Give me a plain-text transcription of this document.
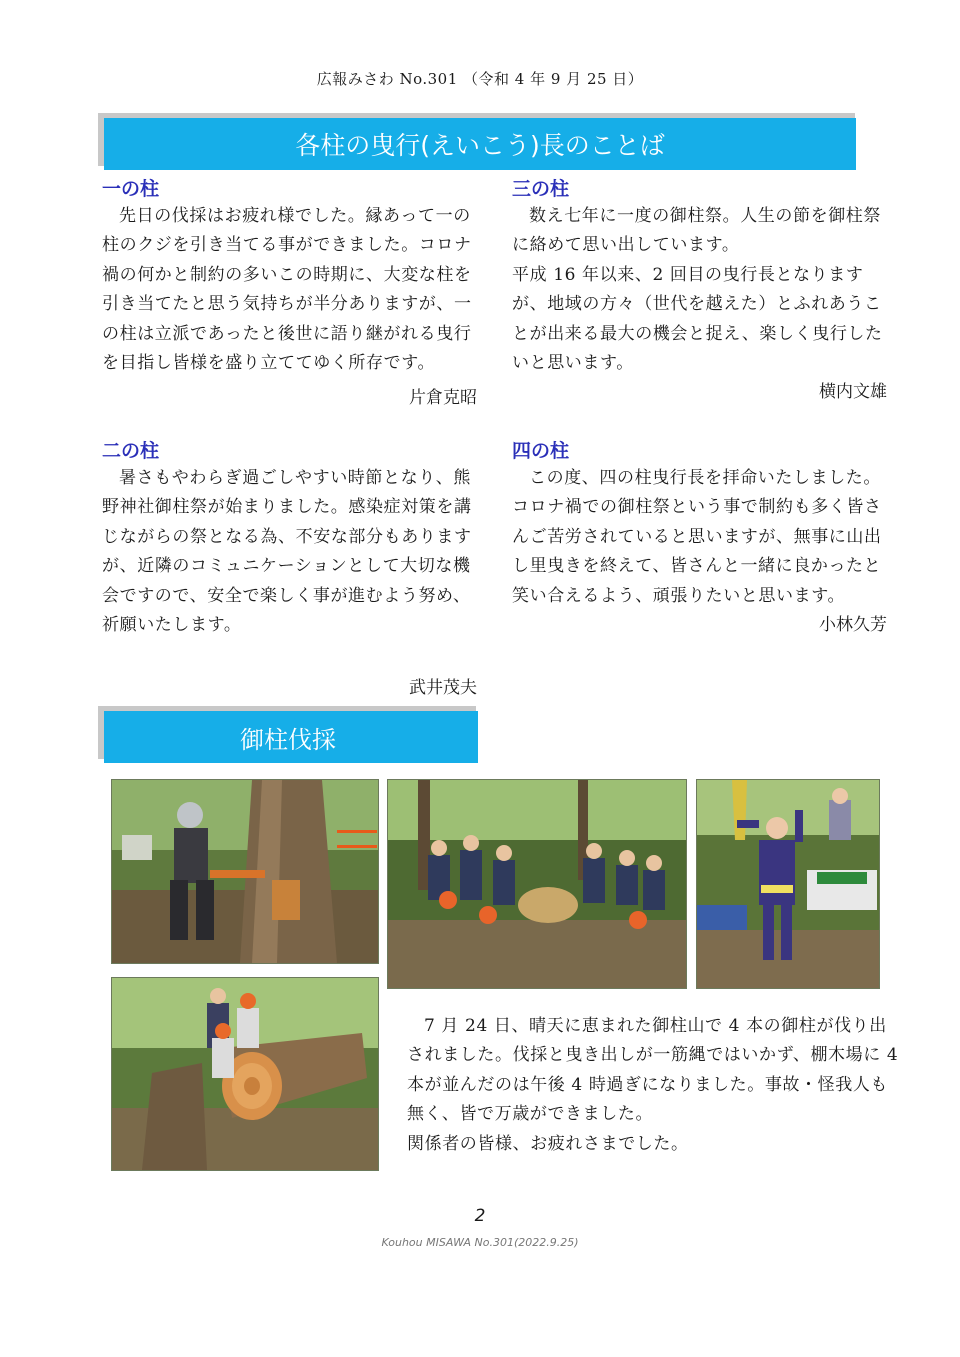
広報みさわ No.301 （令和 4 年 9 月 25 日）
各柱の曳行(えいこう)長のことば
一の柱

先日の伐採はお疲れ様でした。縁あって一の柱のクジを引き当てる事ができました。コロナ禍の何かと制約の多いこの時期に、大変な柱を引き当てたと思う気持ちが半分ありますが、一の柱は立派であったと後世に語り継がれる曳行を目指し皆様を盛り立ててゆく所存です。

片倉克昭

二の柱

暑さもやわらぎ過ごしやすい時節となり、熊野神社御柱祭が始まりました。感染症対策を講じながらの祭となる為、不安な部分もありますが、近隣のコミュニケーションとして大切な機会ですので、安全で楽しく事が進むよう努め、祈願いたします。

武井茂夫

三の柱

数え七年に一度の御柱祭。人生の節を御柱祭に絡めて思い出しています。

平成 16 年以来、2 回目の曳行長となりますが、地域の方々（世代を越えた）とふれあうことが出来る最大の機会と捉え、楽しく曳行したいと思います。

横内文雄

四の柱

この度、四の柱曳行長を拝命いたしました。

コロナ禍での御柱祭という事で制約も多く皆さんご苦労されていると思いますが、無事に山出し里曳きを終えて、皆さんと一緒に良かったと笑い合えるよう、頑張りたいと思います。

小林久芳

御柱伐採

7 月 24 日、晴天に恵まれた御柱山で 4 本の御柱が伐り出されました。伐採と曳き出しが一筋縄ではいかず、棚木場に 4 本が並んだのは午後 4 時過ぎになりました。事故・怪我人も無く、皆で万歳ができました。

関係者の皆様、お疲れさまでした。

2
Kouhou MISAWA No.301(2022.9.25)
